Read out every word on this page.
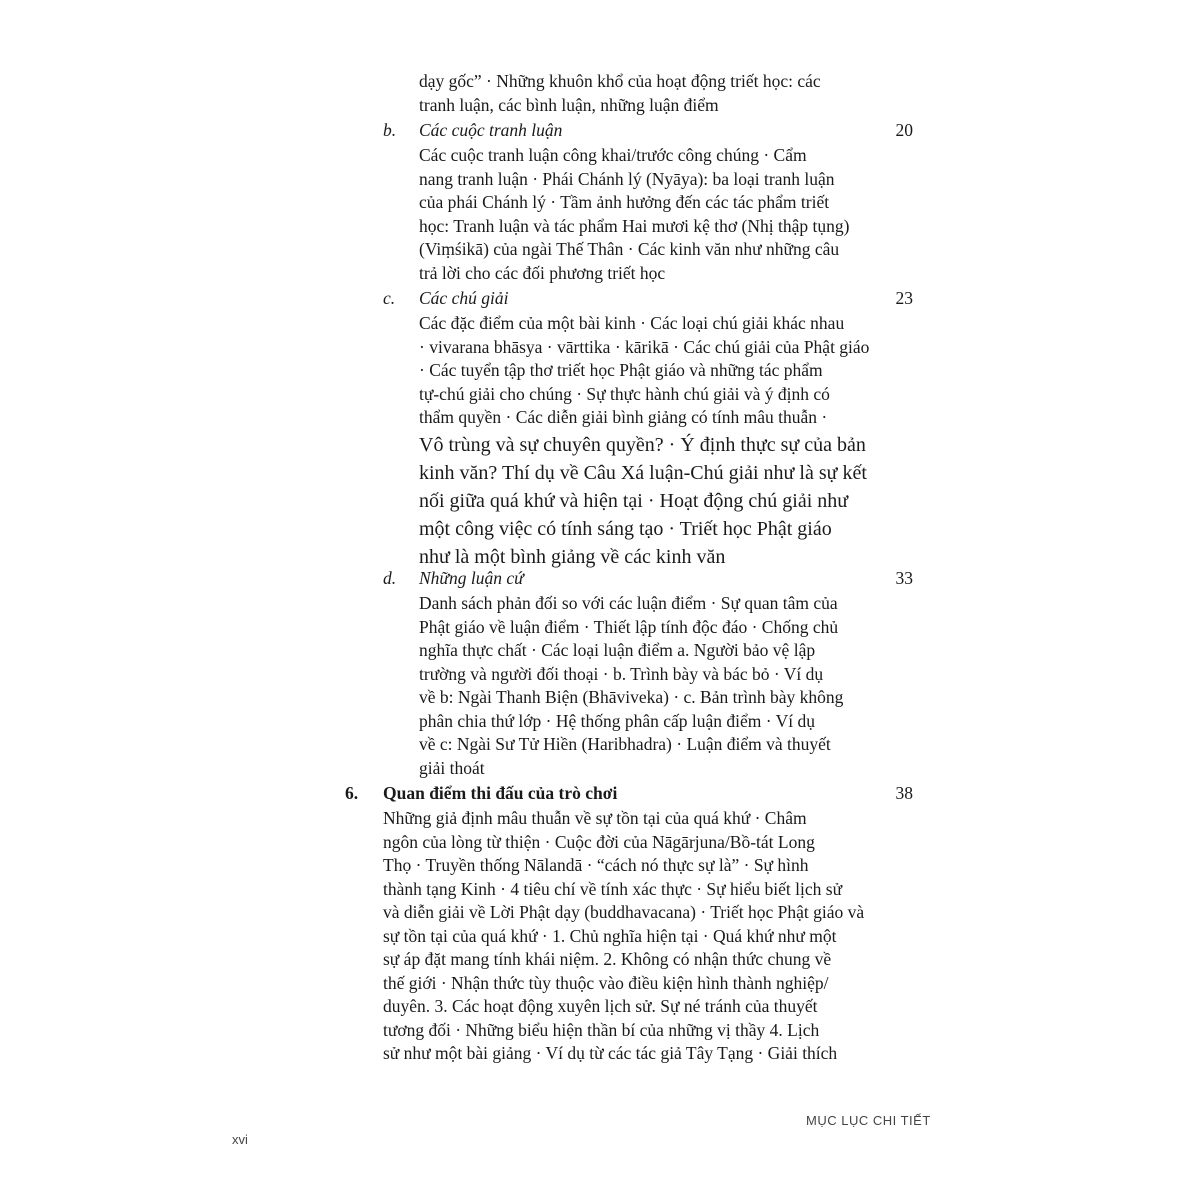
dạy gốc” · Những khuôn khổ của hoạt động triết học: các
tranh luận, các bình luận, những luận điểm
b. Các cuộc tranh luận	20
Các cuộc tranh luận công khai/trước công chúng · Cẩm
nang tranh luận · Phái Chánh lý (Nyāya): ba loại tranh luận
của phái Chánh lý · Tầm ảnh hưởng đến các tác phẩm triết
học: Tranh luận và tác phẩm Hai mươi kệ thơ (Nhị thập tụng)
(Viṃśikā) của ngài Thế Thân · Các kinh văn như những câu
trả lời cho các đối phương triết học
c. Các chú giải	23
Các đặc điểm của một bài kinh · Các loại chú giải khác nhau
· vivarana bhāsya · vārttika · kārikā · Các chú giải của Phật giáo
· Các tuyển tập thơ triết học Phật giáo và những tác phẩm
tự-chú giải cho chúng · Sự thực hành chú giải và ý định có
thẩm quyền · Các diễn giải bình giảng có tính mâu thuẫn ·
Vô trùng và sự chuyên quyền? · Ý định thực sự của bản
kinh văn? Thí dụ về Câu Xá luận-Chú giải như là sự kết
nối giữa quá khứ và hiện tại · Hoạt động chú giải như
một công việc có tính sáng tạo · Triết học Phật giáo
như là một bình giảng về các kinh văn
d. Những luận cứ	33
Danh sách phản đối so với các luận điểm · Sự quan tâm của
Phật giáo về luận điểm · Thiết lập tính độc đáo · Chống chủ
nghĩa thực chất · Các loại luận điểm a. Người bảo vệ lập
trường và người đối thoại · b. Trình bày và bác bỏ · Ví dụ
về b: Ngài Thanh Biện (Bhāviveka) · c. Bản trình bày không
phân chia thứ lớp · Hệ thống phân cấp luận điểm · Ví dụ
về c: Ngài Sư Tử Hiền (Haribhadra) · Luận điểm và thuyết
giải thoát
6. Quan điểm thi đấu của trò chơi	38
Những giả định mâu thuẫn về sự tồn tại của quá khứ · Châm
ngôn của lòng từ thiện · Cuộc đời của Nāgārjuna/Bồ-tát Long
Thọ · Truyền thống Nālandā · “cách nó thực sự là” · Sự hình
thành tạng Kinh · 4 tiêu chí về tính xác thực · Sự hiểu biết lịch sử
và diễn giải về Lời Phật dạy (buddhavacana) · Triết học Phật giáo và
sự tồn tại của quá khứ · 1. Chủ nghĩa hiện tại · Quá khứ như một
sự áp đặt mang tính khái niệm. 2. Không có nhận thức chung về
thế giới · Nhận thức tùy thuộc vào điều kiện hình thành nghiệp/
duyên. 3. Các hoạt động xuyên lịch sử. Sự né tránh của thuyết
tương đối · Những biểu hiện thần bí của những vị thầy 4. Lịch
sử như một bài giảng · Ví dụ từ các tác giả Tây Tạng · Giải thích
xvi
MỤC LỤC CHI TIẾT
